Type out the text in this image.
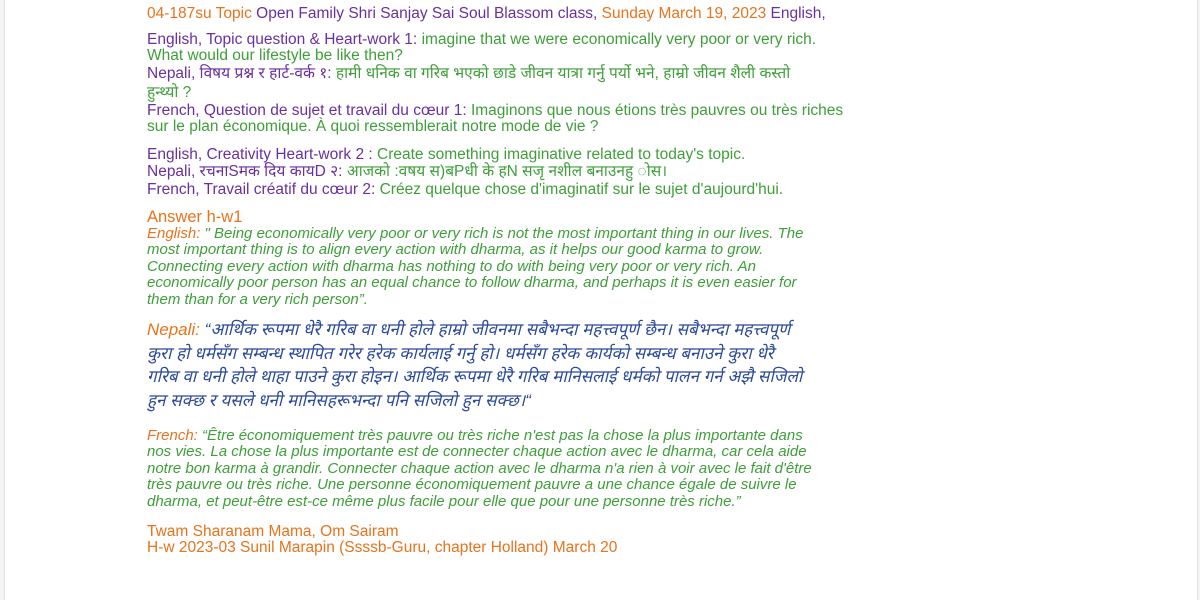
04-187su Topic Open Family Shri Sanjay Sai Soul Blassom class, Sunday March 19, 2023 English,

English, Topic question & Heart-work 1: imagine that we were economically very poor or very rich.

What would our lifestyle be like then?

Nepali, विषय प्रश्न र हार्ट-वर्क १: हामी धनिक वा गरिब भएको छाडे जीवन यात्रा गर्नु पर्यो भने, हाम्रो जीवन शैली कस्तो

हुन्थ्यो ?

French, Question de sujet et travail du cœur 1: Imaginons que nous étions très pauvres ou très riches

sur le plan économique. À quoi ressemblerait notre mode de vie ?

English, Creativity Heart-work 2 : Create something imaginative related to today's topic.

Nepali, रचनाSमक दिय कायD २: आजको :वषय स)बPधी के हN सजृ नशील बनाउनहु ◌ोस।

French, Travail créatif du cœur 2: Créez quelque chose d'imaginatif sur le sujet d'aujourd'hui.

Answer h-w1

English: " Being economically very poor or very rich is not the most important thing in our lives. The
most important thing is to align every action with dharma, as it helps our good karma to grow.
Connecting every action with dharma has nothing to do with being very poor or very rich. An
economically poor person has an equal chance to follow dharma, and perhaps it is even easier for
them than for a very rich person”.
Nepali: “आर्थिक रूपमा धेरै गरिब वा धनी होले हाम्रो जीवनमा सबैभन्दा महत्त्वपूर्ण छैन। सबैभन्दा महत्त्वपूर्ण
कुरा हो धर्मसँग सम्बन्ध स्थापित गरेर हरेक कार्यलाई गर्नु हो। धर्मसँग हरेक कार्यको सम्बन्ध बनाउने कुरा धेरै
गरिब वा धनी होले थाहा पाउने कुरा होइन। आर्थिक रूपमा धेरै गरिब मानिसलाई धर्मको पालन गर्न अझै सजिलो
हुन सक्छ र यसले धनी मानिसहरूभन्दा पनि सजिलो हुन सक्छ।“
French: “Être économiquement très pauvre ou très riche n'est pas la chose la plus importante dans
nos vies. La chose la plus importante est de connecter chaque action avec le dharma, car cela aide
notre bon karma à grandir. Connecter chaque action avec le dharma n'a rien à voir avec le fait d'être
très pauvre ou très riche. Une personne économiquement pauvre a une chance égale de suivre le
dharma, et peut-être est-ce même plus facile pour elle que pour une personne très riche.”

Twam Sharanam Mama, Om Sairam

H-w 2023-03 Sunil Marapin (Ssssb-Guru, chapter Holland) March 20
